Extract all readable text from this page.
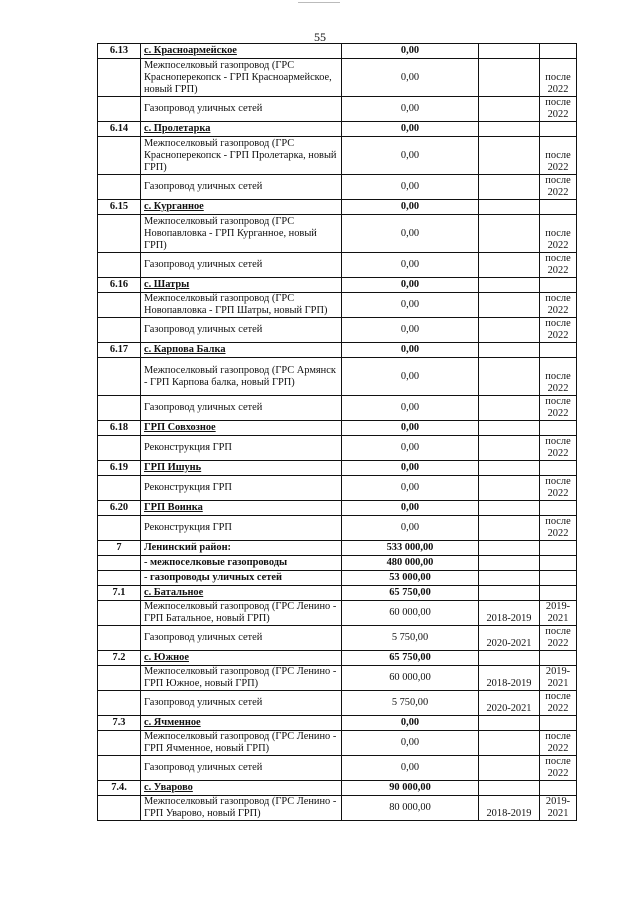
55
6.13	с. Красноармейское	0,00		
	Межпоселковый газопровод (ГРС Красноперекопск - ГРП Красноармейское, новый ГРП)	0,00		после 2022
	Газопровод уличных сетей	0,00		после 2022
6.14	с. Пролетарка	0,00		
	Межпоселковый газопровод (ГРС Красноперекопск - ГРП Пролетарка, новый ГРП)	0,00		после 2022
	Газопровод уличных сетей	0,00		после 2022
6.15	с. Курганное	0,00		
	Межпоселковый газопровод (ГРС Новопавловка - ГРП Курганное, новый ГРП)	0,00		после 2022
	Газопровод уличных сетей	0,00		после 2022
6.16	с. Шатры	0,00		
	Межпоселковый газопровод (ГРС Новопавловка - ГРП Шатры, новый ГРП)	0,00		после 2022
	Газопровод уличных сетей	0,00		после 2022
6.17	с. Карпова Балка	0,00		
	Межпоселковый газопровод (ГРС Армянск - ГРП Карпова балка, новый ГРП)	0,00		после 2022
	Газопровод уличных сетей	0,00		после 2022
6.18	ГРП Совхозное	0,00		
	Реконструкция ГРП	0,00		после 2022
6.19	ГРП Ишунь	0,00		
	Реконструкция ГРП	0,00		после 2022
6.20	ГРП Воинка	0,00		
	Реконструкция ГРП	0,00		после 2022
7	Ленинский район:	533 000,00		
	- межпоселковые газопроводы	480 000,00		
	- газопроводы уличных сетей	53 000,00		
7.1	с. Батальное	65 750,00		
	Межпоселковый газопровод (ГРС Ленино - ГРП Батальное, новый ГРП)	60 000,00	2018-2019	2019-2021
	Газопровод уличных сетей	5 750,00	2020-2021	после 2022
7.2	с. Южное	65 750,00		
	Межпоселковый газопровод (ГРС Ленино - ГРП Южное, новый ГРП)	60 000,00	2018-2019	2019-2021
	Газопровод уличных сетей	5 750,00	2020-2021	после 2022
7.3	с. Ячменное	0,00		
	Межпоселковый газопровод (ГРС Ленино - ГРП Ячменное, новый ГРП)	0,00		после 2022
	Газопровод уличных сетей	0,00		после 2022
7.4.	с. Уварово	90 000,00		
	Межпоселковый газопровод (ГРС Ленино - ГРП Уварово, новый ГРП)	80 000,00	2018-2019	2019-2021
